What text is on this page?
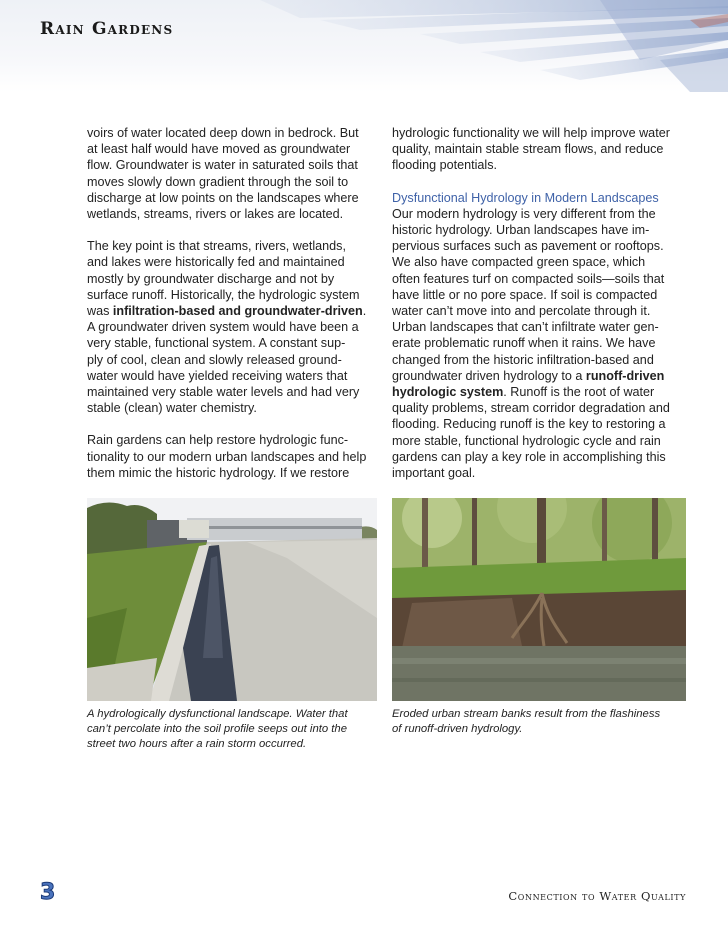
Rain Gardens

voirs of water located deep down in bedrock. But
at least half would have moved as groundwater
flow. Groundwater is water in saturated soils that
moves slowly down gradient through the soil to
discharge at low points on the landscapes where
wetlands, streams, rivers or lakes are located.

The key point is that streams, rivers, wetlands,
and lakes were historically fed and maintained
mostly by groundwater discharge and not by
surface runoff. Historically, the hydrologic system
was infiltration-based and groundwater-driven.
A groundwater driven system would have been a
very stable, functional system. A constant sup-
ply of cool, clean and slowly released ground-
water would have yielded receiving waters that
maintained very stable water levels and had very
stable (clean) water chemistry.

Rain gardens can help restore hydrologic func-
tionality to our modern urban landscapes and help
them mimic the historic hydrology. If we restore

hydrologic functionality we will help improve water
quality, maintain stable stream flows, and reduce
flooding potentials.

Dysfunctional Hydrology in Modern Landscapes

Our modern hydrology is very different from the
historic hydrology. Urban landscapes have im-
pervious surfaces such as pavement or rooftops.
We also have compacted green space, which
often features turf on compacted soils—soils that
have little or no pore space. If soil is compacted
water can’t move into and percolate through it.
Urban landscapes that can’t infiltrate water gen-
erate problematic runoff when it rains. We have
changed from the historic infiltration-based and
groundwater driven hydrology to a runoff-driven
hydrologic system. Runoff is the root of water
quality problems, stream corridor degradation and
flooding. Reducing runoff is the key to restoring a
more stable, functional hydrologic cycle and rain
gardens can play a key role in accomplishing this
important goal.

A hydrologically dysfunctional landscape. Water that
can’t percolate into the soil profile seeps out into the
street two hours after a rain storm occurred.
Eroded urban stream banks result from the flashiness
of runoff-driven hydrology.
3	Connection to Water Quality
